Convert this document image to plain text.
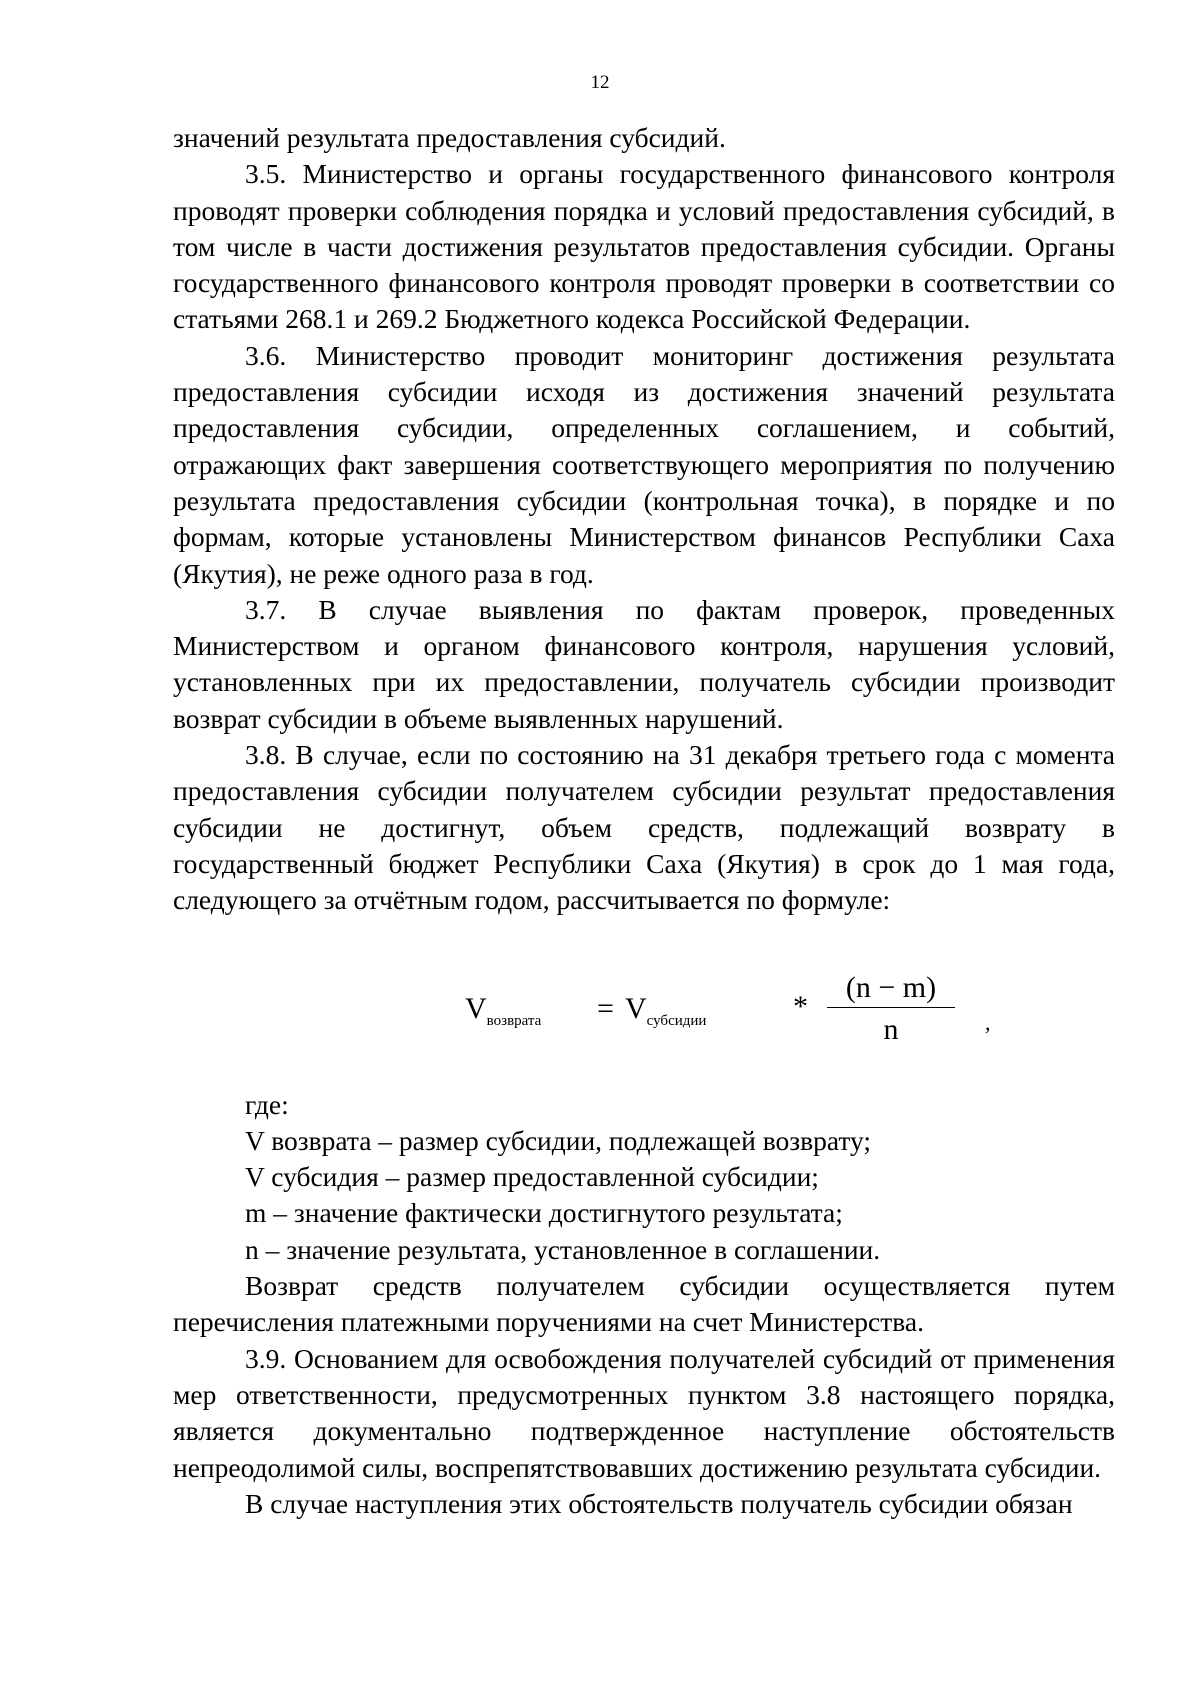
12

значений результата предоставления субсидий.

3.5. Министерство и органы государственного финансового контроля проводят проверки соблюдения порядка и условий предоставления субсидий, в том числе в части достижения результатов предоставления субсидии. Органы государственного финансового контроля проводят проверки в соответствии со статьями 268.1 и 269.2 Бюджетного кодекса Российской Федерации.

3.6. Министерство проводит мониторинг достижения результата предоставления субсидии исходя из достижения значений результата предоставления субсидии, определенных соглашением, и событий, отражающих факт завершения соответствующего мероприятия по получению результата предоставления субсидии (контрольная точка), в порядке и по формам, которые установлены Министерством финансов Республики Саха (Якутия), не реже одного раза в год.

3.7. В случае выявления по фактам проверок, проведенных Министерством и органом финансового контроля, нарушения условий, установленных при их предоставлении, получатель субсидии производит возврат субсидии в объеме выявленных нарушений.

3.8. В случае, если по состоянию на 31 декабря третьего года с момента предоставления субсидии получателем субсидии результат предоставления субсидии не достигнут, объем средств, подлежащий возврату в государственный бюджет Республики Саха (Якутия) в срок до 1 мая года, следующего за отчётным годом, рассчитывается по формуле:

$V_{возврата} = V_{субсидии}$	*
(n − m)
n	,

где:

V возврата – размер субсидии, подлежащей возврату;

V субсидия – размер предоставленной субсидии;

m – значение фактически достигнутого результата;

n – значение результата, установленное в соглашении.

Возврат средств получателем субсидии осуществляется путем перечисления платежными поручениями на счет Министерства.

3.9. Основанием для освобождения получателей субсидий от применения мер ответственности, предусмотренных пунктом 3.8 настоящего порядка, является документально подтвержденное наступление обстоятельств непреодолимой силы, воспрепятствовавших достижению результата субсидии.

В случае наступления этих обстоятельств получатель субсидии обязан
